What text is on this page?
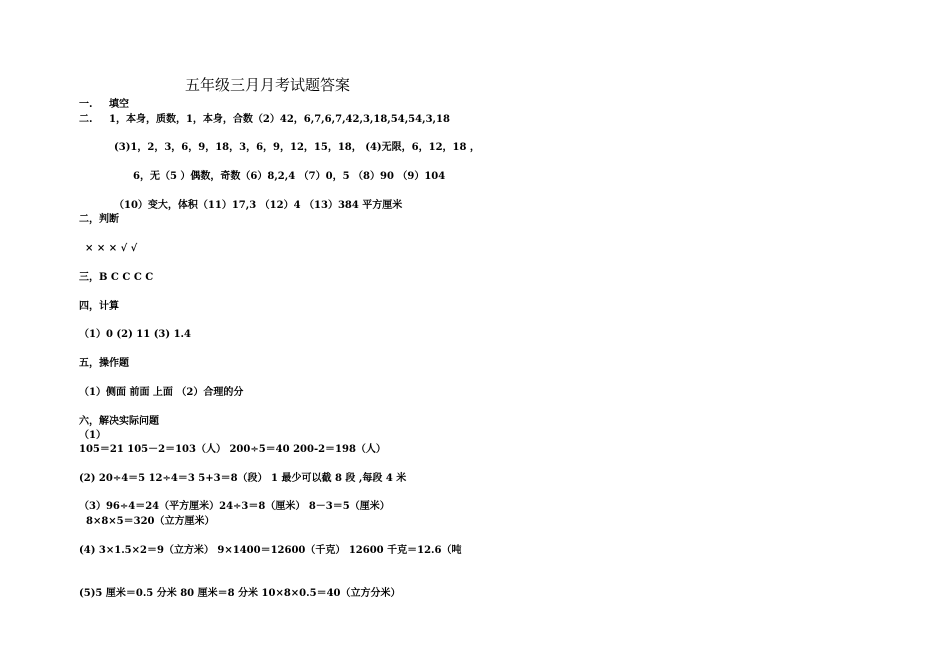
五年级三月月考试题答案
一. 填空
二. 1，本身，质数，1，本身，合数（2）42，6,7,6,7,42,3,18,54,54,3,18
(3)1，2，3，6，9，18，3，6，9，12，15，18， (4)无限，6，12，18 ，
6，无（5 ）偶数，奇数（6）8,2,4 （7）0，5 （8）90 （9）104
（10）变大，体积（11）17,3 （12）4 （13）384 平方厘米
二，判断
× × × √ √
三，B C C C C
四，计算
（1）0 (2) 11 (3) 1.4
五，操作题
（1）侧面 前面 上面 （2）合理的分
六，解决实际问题
（1）
105＝21 105－2＝103（人） 200÷5＝40 200-2＝198（人）
(2) 20÷4＝5 12÷4＝3 5+3＝8（段） 1 最少可以截 8 段 ,每段 4 米
（3）96÷4＝24（平方厘米）24÷3＝8（厘米） 8－3＝5（厘米）
8×8×5＝320（立方厘米）
(4) 3×1.5×2＝9（立方米） 9×1400＝12600（千克） 12600 千克＝12.6（吨
(5)5 厘米＝0.5 分米 80 厘米＝8 分米 10×8×0.5＝40（立方分米）
